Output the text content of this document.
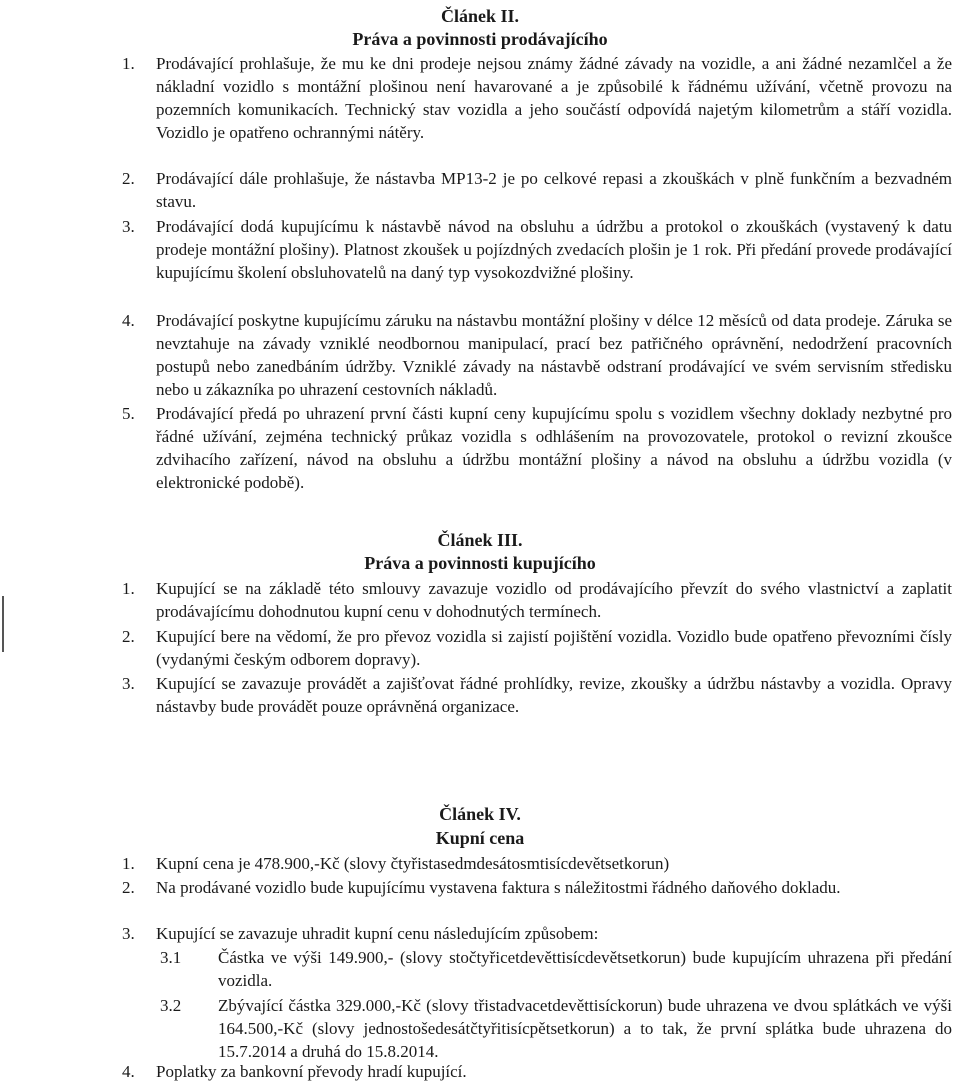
Článek II.
Práva a povinnosti prodávajícího
1.	Prodávající prohlašuje, že mu ke dni prodeje nejsou známy žádné závady na vozidle, a ani žádné nezamlčel a že nákladní vozidlo s montážní plošinou není havarované a je způsobilé k řádnému užívání, včetně provozu na pozemních komunikacích. Technický stav vozidla a jeho součástí odpovídá najetým kilometrům a stáří vozidla. Vozidlo je opatřeno ochrannými nátěry.
2.	Prodávající dále prohlašuje, že nástavba MP13-2 je po celkové repasi a zkouškách v plně funkčním a bezvadném stavu.
3.	Prodávající dodá kupujícímu k nástavbě návod na obsluhu a údržbu a protokol o zkouškách (vystavený k datu prodeje montážní plošiny). Platnost zkoušek u pojízdných zvedacích plošin je 1 rok. Při předání provede prodávající kupujícímu školení obsluhovatelů na daný typ vysokozdvižné plošiny.
4.	Prodávající poskytne kupujícímu záruku na nástavbu montážní plošiny v délce 12 měsíců od data prodeje. Záruka se nevztahuje na závady vzniklé neodbornou manipulací, prací bez patřičného oprávnění, nedodržení pracovních postupů nebo zanedbáním údržby. Vzniklé závady na nástavbě odstraní prodávající ve svém servisním středisku nebo u zákazníka po uhrazení cestovních nákladů.
5.	Prodávající předá po uhrazení první části kupní ceny kupujícímu spolu s vozidlem všechny doklady nezbytné pro řádné užívání, zejména technický průkaz vozidla s odhlášením na provozovatele, protokol o revizní zkoušce zdvihacího zařízení, návod na obsluhu a údržbu montážní plošiny a návod na obsluhu a údržbu vozidla (v elektronické podobě).
Článek III.
Práva a povinnosti kupujícího
1.	Kupující se na základě této smlouvy zavazuje vozidlo od prodávajícího převzít do svého vlastnictví a zaplatit prodávajícímu dohodnutou kupní cenu v dohodnutých termínech.
2.	Kupující bere na vědomí, že pro převoz vozidla si zajistí pojištění vozidla. Vozidlo bude opatřeno převozními čísly (vydanými českým odborem dopravy).
3.	Kupující se zavazuje provádět a zajišťovat řádné prohlídky, revize, zkoušky a údržbu nástavby a vozidla. Opravy nástavby bude provádět pouze oprávněná organizace.
Článek IV.
Kupní cena
1.	Kupní cena je 478.900,-Kč (slovy čtyřistasedmdesátosmtisícdevětsetkorun)
2.	Na prodávané vozidlo bude kupujícímu vystavena faktura s náležitostmi řádného daňového dokladu.
3.	Kupující se zavazuje uhradit kupní cenu následujícím způsobem:
3.1	Částka ve výši 149.900,- (slovy stočtyřicetdevěttisícdevětsetkorun) bude kupujícím uhrazena při předání vozidla.
3.2	Zbývající částka 329.000,-Kč (slovy třistadvacetdevěttisíckorun) bude uhrazena ve dvou splátkách ve výši 164.500,-Kč (slovy jednostošedesátčtyřitisícpětsetkorun) a to tak, že první splátka bude uhrazena do 15.7.2014 a druhá do 15.8.2014.
4.	Poplatky za bankovní převody hradí kupující.
